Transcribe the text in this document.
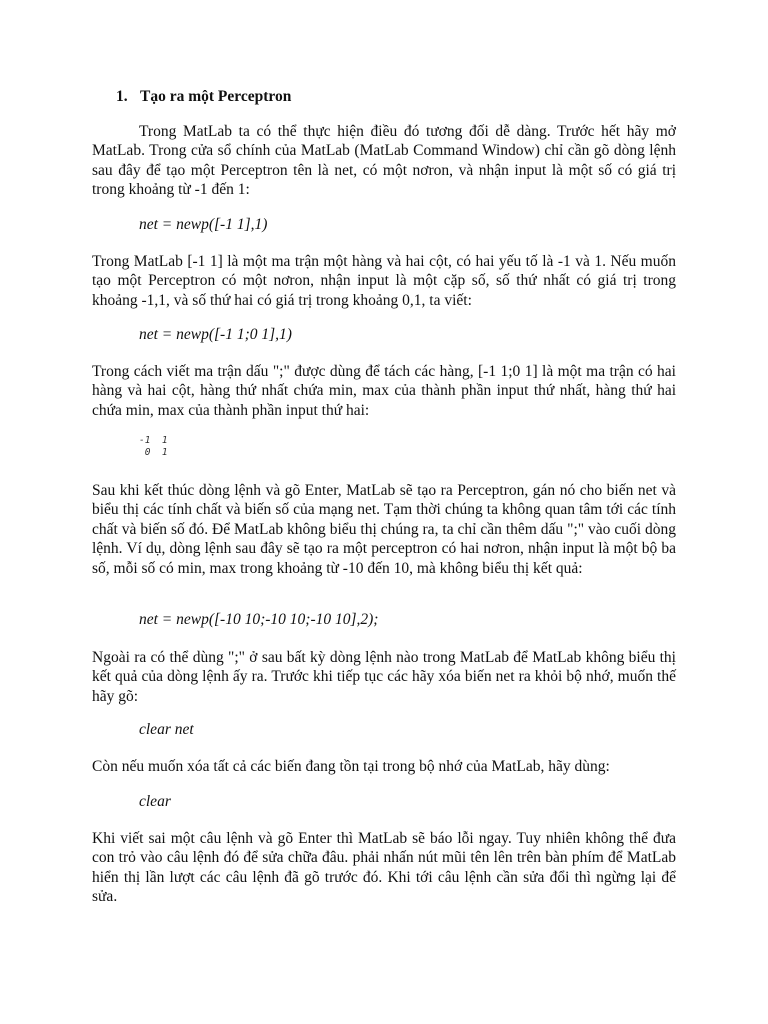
1. Tạo ra một Perceptron

Trong MatLab ta có thể thực hiện điều đó tương đối dễ dàng. Trước hết hãy mở MatLab. Trong cửa sổ chính của MatLab (MatLab Command Window) chỉ cần gõ dòng lệnh sau đây để tạo một Perceptron tên là net, có một nơron, và nhận input là một số có giá trị trong khoảng từ -1 đến 1:

net = newp([-1 1],1)

Trong MatLab [-1 1] là một ma trận một hàng và hai cột, có hai yếu tố là -1 và 1. Nếu muốn tạo một Perceptron có một nơron, nhận input là một cặp số, số thứ nhất có giá trị trong khoảng -1,1, và số thứ hai có giá trị trong khoảng 0,1, ta viết:

net = newp([-1 1;0 1],1)

Trong cách viết ma trận dấu ";" được dùng để tách các hàng, [-1 1;0 1] là một ma trận có hai hàng và hai cột, hàng thứ nhất chứa min, max của thành phần input thứ nhất, hàng thứ hai chứa min, max của thành phần input thứ hai:

-1  1
0  1

Sau khi kết thúc dòng lệnh và gõ Enter, MatLab sẽ tạo ra Perceptron, gán nó cho biến net và biểu thị các tính chất và biến số của mạng net. Tạm thời chúng ta không quan tâm tới các tính chất và biến số đó. Để MatLab không biểu thị chúng ra, ta chỉ cần thêm dấu ";" vào cuối dòng lệnh. Ví dụ, dòng lệnh sau đây sẽ tạo ra một perceptron có hai nơron, nhận input là một bộ ba số, mỗi số có min, max trong khoảng từ -10 đến 10, mà không biểu thị kết quả:

net = newp([-10 10;-10 10;-10 10],2);

Ngoài ra có thể dùng ";" ở sau bất kỳ dòng lệnh nào trong MatLab để MatLab không biểu thị kết quả của dòng lệnh ấy ra. Trước khi tiếp tục các hãy xóa biến net ra khỏi bộ nhớ, muốn thế hãy gõ:

clear net

Còn nếu muốn xóa tất cả các biến đang tồn tại trong bộ nhớ của MatLab, hãy dùng:

clear

Khi viết sai một câu lệnh và gõ Enter thì MatLab sẽ báo lỗi ngay. Tuy nhiên không thể đưa con trỏ vào câu lệnh đó để sửa chữa đâu. phải nhấn nút mũi tên lên trên bàn phím để MatLab hiển thị lần lượt các câu lệnh đã gõ trước đó. Khi tới câu lệnh cần sửa đổi thì ngừng lại để sửa.
